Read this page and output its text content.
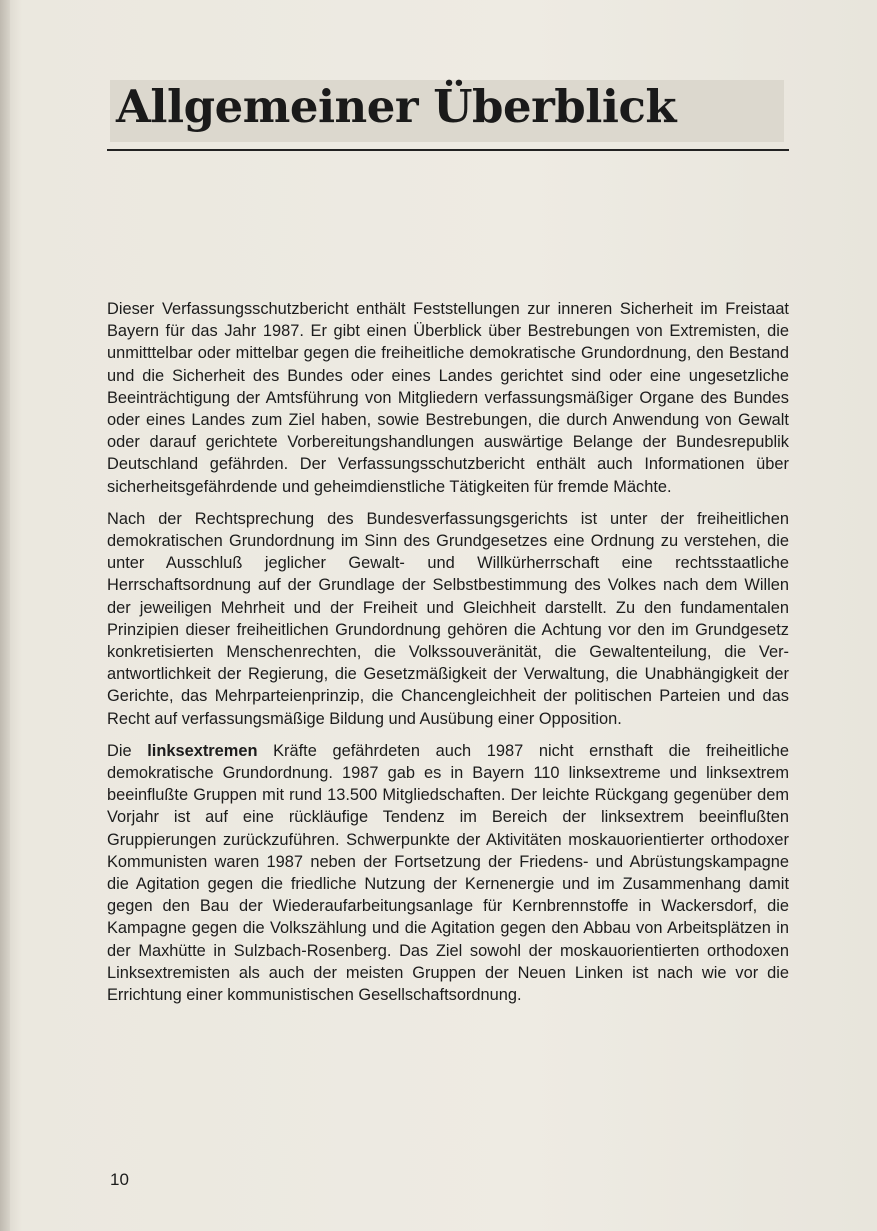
Allgemeiner Überblick

Dieser Verfassungsschutzbericht enthält Feststellungen zur inneren Sicherheit im Freistaat Bayern für das Jahr 1987. Er gibt einen Überblick über Bestrebungen von Extremisten, die unmitttelbar oder mittelbar gegen die freiheitliche demokratische Grundordnung, den Bestand und die Sicherheit des Bundes oder eines Landes gerichtet sind oder eine ungesetzliche Beeinträchtigung der Amtsführung von Mitgliedern verfassungsmäßiger Organe des Bundes oder eines Landes zum Ziel haben, sowie Bestrebungen, die durch Anwendung von Gewalt oder darauf gerichtete Vorbereitungshandlungen auswärtige Belange der Bundesrepublik Deutschland gefährden. Der Verfassungsschutzbericht enthält auch Informationen über sicherheitsgefährdende und geheimdienstliche Tätigkeiten für fremde Mächte.

Nach der Rechtsprechung des Bundesverfassungsgerichts ist unter der freiheitlichen demokratischen Grundordnung im Sinn des Grundgesetzes eine Ordnung zu verstehen, die unter Ausschluß jeglicher Gewalt- und Willkürherrschaft eine rechtsstaatliche Herrschaftsordnung auf der Grundlage der Selbstbestimmung des Volkes nach dem Willen der jeweiligen Mehrheit und der Freiheit und Gleichheit darstellt. Zu den fundamentalen Prinzipien dieser freiheitlichen Grundordnung gehören die Achtung vor den im Grundgesetz konkretisierten Menschenrechten, die Volkssouveränität, die Gewaltenteilung, die Verantwortlichkeit der Regierung, die Gesetzmäßigkeit der Verwaltung, die Unabhängigkeit der Gerichte, das Mehrparteienprinzip, die Chancengleichheit der politischen Parteien und das Recht auf verfassungsmäßige Bildung und Ausübung einer Opposition.

Die linksextremen Kräfte gefährdeten auch 1987 nicht ernsthaft die freiheitliche demokratische Grundordnung. 1987 gab es in Bayern 110 linksextreme und linksextrem beeinflußte Gruppen mit rund 13.500 Mitgliedschaften. Der leichte Rückgang gegenüber dem Vorjahr ist auf eine rückläufige Tendenz im Bereich der linksextrem beeinflußten Gruppierungen zurückzuführen. Schwerpunkte der Aktivitäten moskauorientierter orthodoxer Kommunisten waren 1987 neben der Fortsetzung der Friedens- und Abrüstungskampagne die Agitation gegen die friedliche Nutzung der Kernenergie und im Zusammenhang damit gegen den Bau der Wiederaufarbeitungsanlage für Kernbrennstoffe in Wackersdorf, die Kampagne gegen die Volkszählung und die Agitation gegen den Abbau von Arbeitsplätzen in der Maxhütte in Sulzbach-Rosenberg. Das Ziel sowohl der moskauorientierten orthodoxen Linksextremisten als auch der meisten Gruppen der Neuen Linken ist nach wie vor die Errichtung einer kommunistischen Gesellschaftsordnung.

10
